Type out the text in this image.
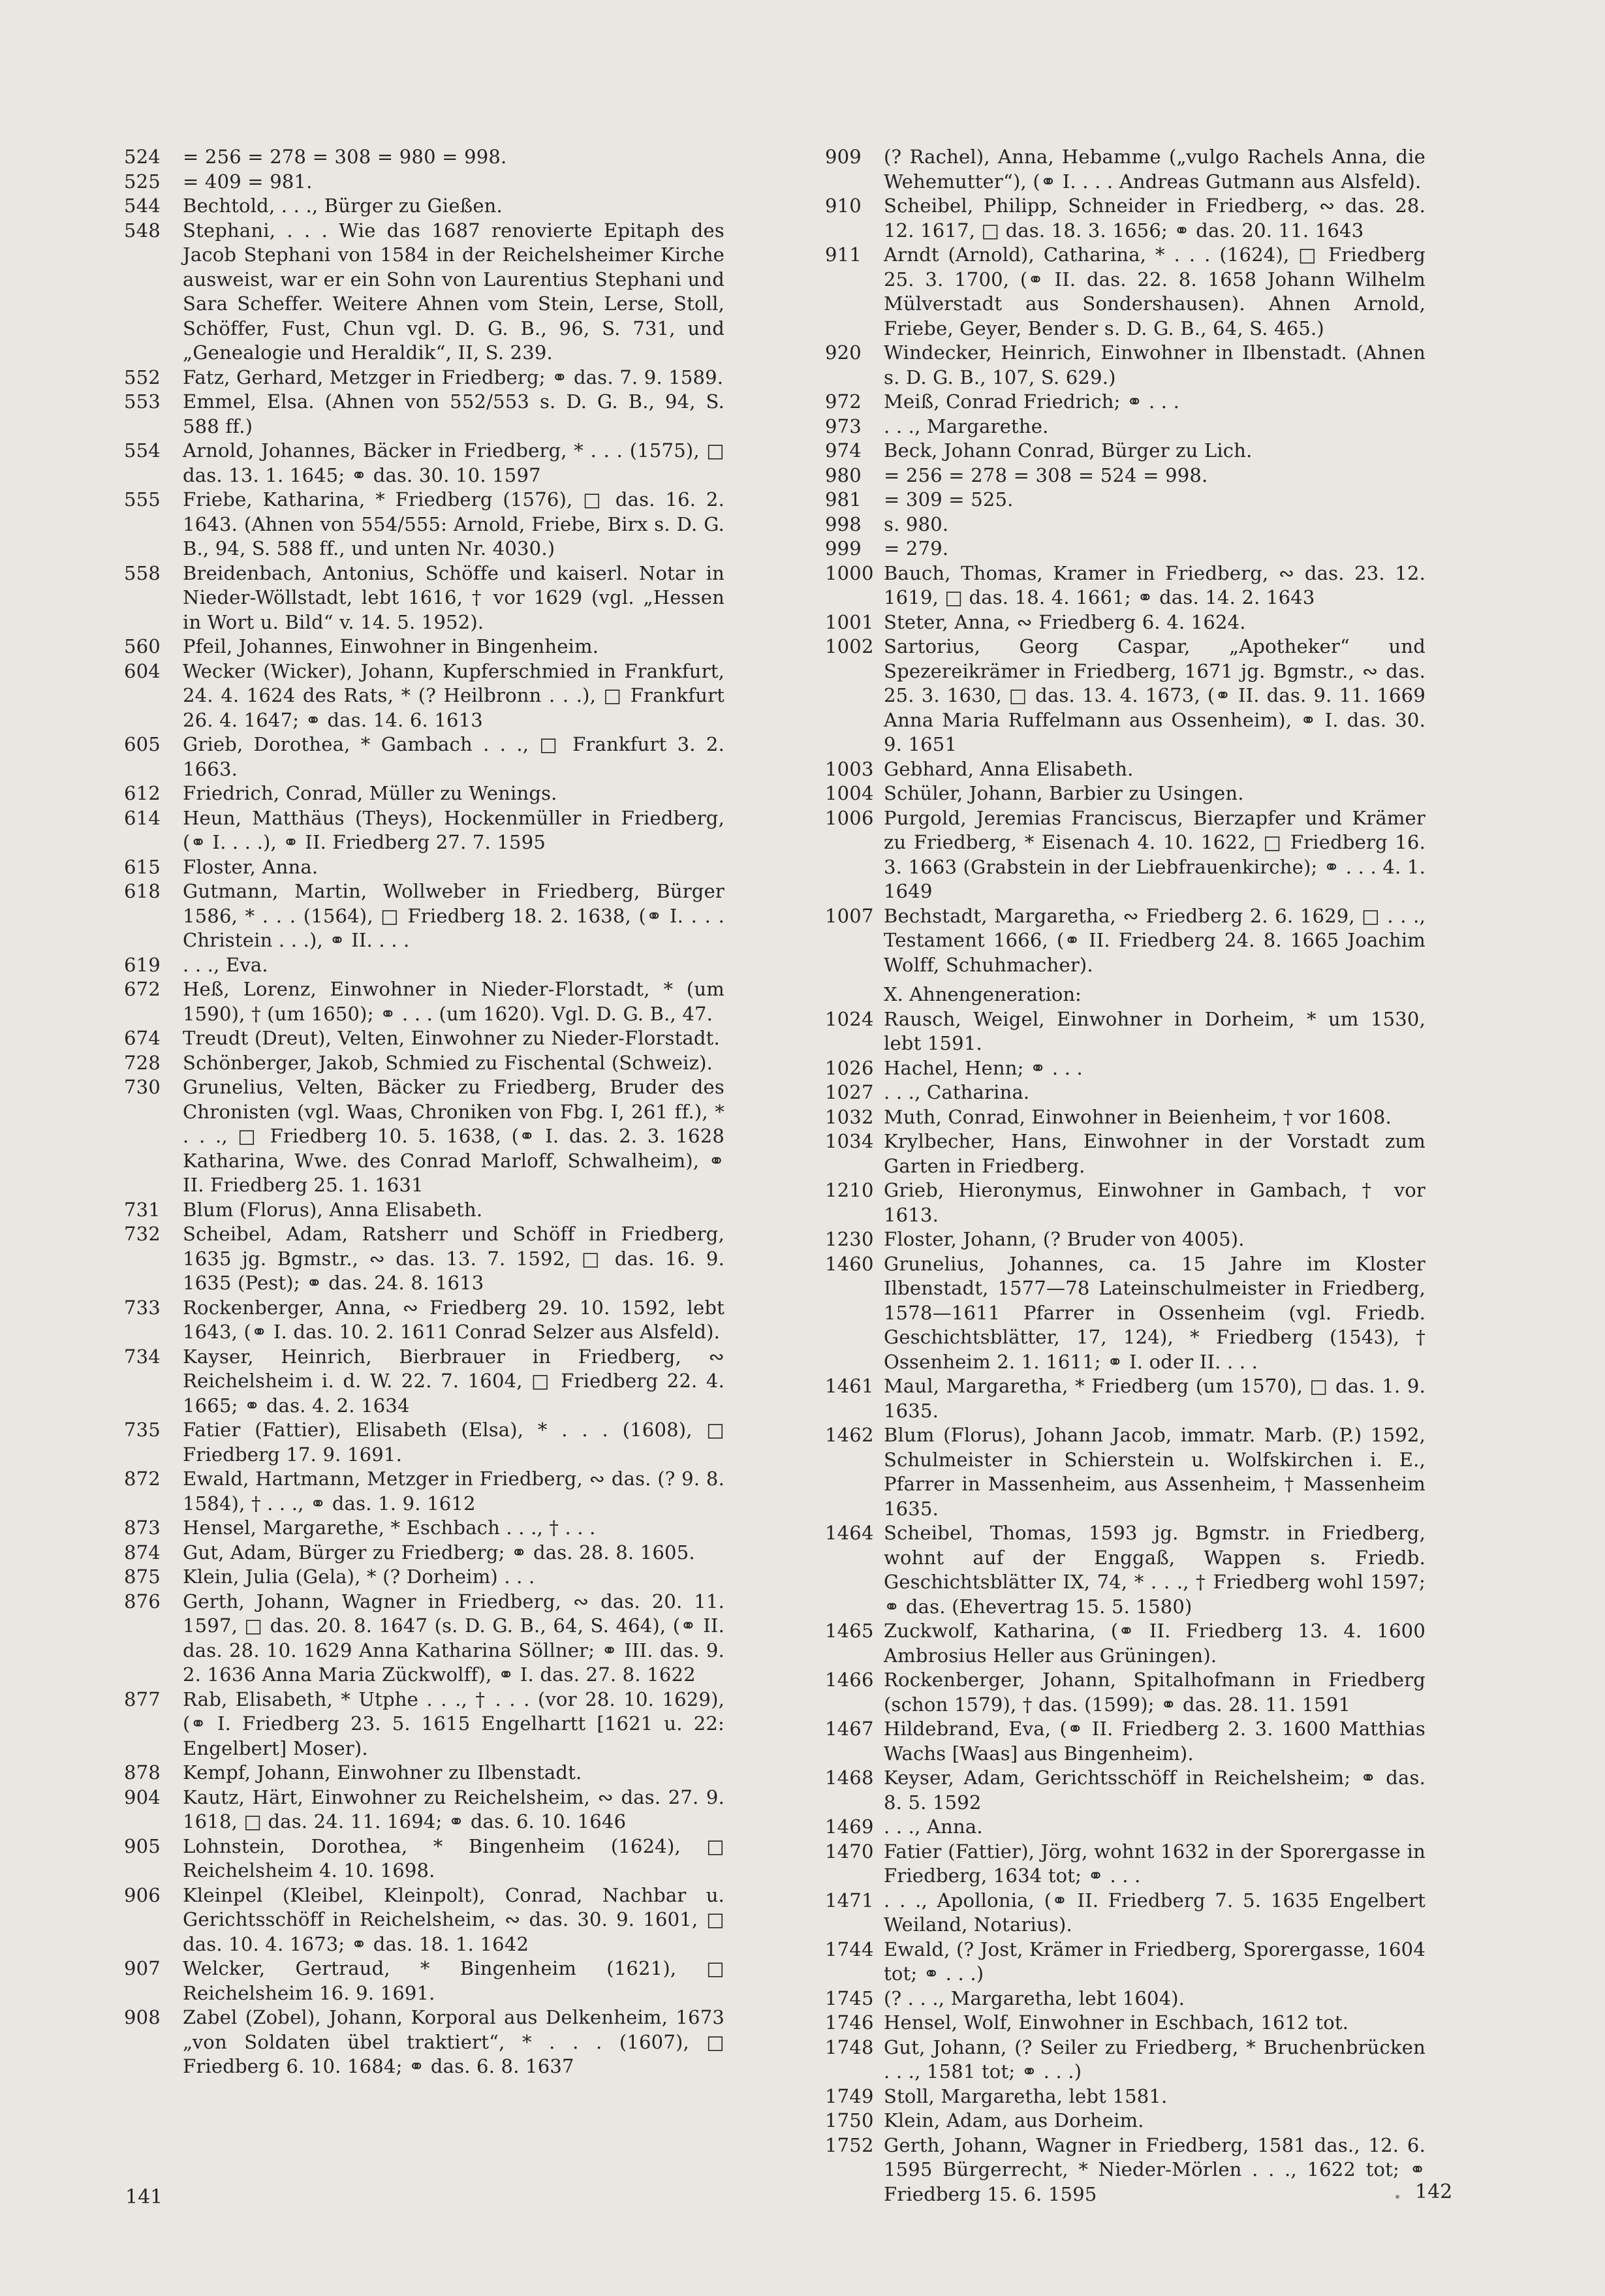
524	= 256 = 278 = 308 = 980 = 998.
525	= 409 = 981.
544	Bechtold, . . ., Bürger zu Gießen.
548	Stephani, . . . Wie das 1687 renovierte Epitaph des Jacob Stephani von 1584 in der Reichelsheimer Kirche ausweist, war er ein Sohn von Laurentius Stephani und Sara Scheffer. Weitere Ahnen vom Stein, Lerse, Stoll, Schöffer, Fust, Chun vgl. D. G. B., 96, S. 731, und „Genealogie und Heraldik“, II, S. 239.
552	Fatz, Gerhard, Metzger in Friedberg; ⚭ das. 7. 9. 1589.
553	Emmel, Elsa. (Ahnen von 552/553 s. D. G. B., 94, S. 588 ff.)
554	Arnold, Johannes, Bäcker in Friedberg, * . . . (1575), □ das. 13. 1. 1645; ⚭ das. 30. 10. 1597
555	Friebe, Katharina, * Friedberg (1576), □ das. 16. 2. 1643. (Ahnen von 554/555: Arnold, Friebe, Birx s. D. G. B., 94, S. 588 ff., und unten Nr. 4030.)
558	Breidenbach, Antonius, Schöffe und kaiserl. Notar in Nieder-Wöllstadt, lebt 1616, † vor 1629 (vgl. „Hessen in Wort u. Bild“ v. 14. 5. 1952).
560	Pfeil, Johannes, Einwohner in Bingenheim.
604	Wecker (Wicker), Johann, Kupferschmied in Frankfurt, 24. 4. 1624 des Rats, * (? Heilbronn . . .), □ Frankfurt 26. 4. 1647; ⚭ das. 14. 6. 1613
605	Grieb, Dorothea, * Gambach . . ., □ Frankfurt 3. 2. 1663.
612	Friedrich, Conrad, Müller zu Wenings.
614	Heun, Matthäus (Theys), Hockenmüller in Friedberg, (⚭ I. . . .), ⚭ II. Friedberg 27. 7. 1595
615	Floster, Anna.
618	Gutmann, Martin, Wollweber in Friedberg, Bürger 1586, * . . . (1564), □ Friedberg 18. 2. 1638, (⚭ I. . . . Christein . . .), ⚭ II. . . .
619	. . ., Eva.
672	Heß, Lorenz, Einwohner in Nieder-Florstadt, * (um 1590), † (um 1650); ⚭ . . . (um 1620). Vgl. D. G. B., 47.
674	Treudt (Dreut), Velten, Einwohner zu Nieder-Florstadt.
728	Schönberger, Jakob, Schmied zu Fischental (Schweiz).
730	Grunelius, Velten, Bäcker zu Friedberg, Bruder des Chronisten (vgl. Waas, Chroniken von Fbg. I, 261 ff.), * . . ., □ Friedberg 10. 5. 1638, (⚭ I. das. 2. 3. 1628 Katharina, Wwe. des Conrad Marloff, Schwalheim), ⚭ II. Friedberg 25. 1. 1631
731	Blum (Florus), Anna Elisabeth.
732	Scheibel, Adam, Ratsherr und Schöff in Friedberg, 1635 jg. Bgmstr., ∾ das. 13. 7. 1592, □ das. 16. 9. 1635 (Pest); ⚭ das. 24. 8. 1613
733	Rockenberger, Anna, ∾ Friedberg 29. 10. 1592, lebt 1643, (⚭ I. das. 10. 2. 1611 Conrad Selzer aus Alsfeld).
734	Kayser, Heinrich, Bierbrauer in Friedberg, ∾ Reichelsheim i. d. W. 22. 7. 1604, □ Friedberg 22. 4. 1665; ⚭ das. 4. 2. 1634
735	Fatier (Fattier), Elisabeth (Elsa), * . . . (1608), □ Friedberg 17. 9. 1691.
872	Ewald, Hartmann, Metzger in Friedberg, ∾ das. (? 9. 8. 1584), † . . ., ⚭ das. 1. 9. 1612
873	Hensel, Margarethe, * Eschbach . . ., † . . .
874	Gut, Adam, Bürger zu Friedberg; ⚭ das. 28. 8. 1605.
875	Klein, Julia (Gela), * (? Dorheim) . . .
876	Gerth, Johann, Wagner in Friedberg, ∾ das. 20. 11. 1597, □ das. 20. 8. 1647 (s. D. G. B., 64, S. 464), (⚭ II. das. 28. 10. 1629 Anna Katharina Söllner; ⚭ III. das. 9. 2. 1636 Anna Maria Zückwolff), ⚭ I. das. 27. 8. 1622
877	Rab, Elisabeth, * Utphe . . ., † . . . (vor 28. 10. 1629), (⚭ I. Friedberg 23. 5. 1615 Engelhartt [1621 u. 22: Engelbert] Moser).
878	Kempf, Johann, Einwohner zu Ilbenstadt.
904	Kautz, Härt, Einwohner zu Reichelsheim, ∾ das. 27. 9. 1618, □ das. 24. 11. 1694; ⚭ das. 6. 10. 1646
905	Lohnstein, Dorothea, * Bingenheim (1624), □ Reichelsheim 4. 10. 1698.
906	Kleinpel (Kleibel, Kleinpolt), Conrad, Nachbar u. Gerichtsschöff in Reichelsheim, ∾ das. 30. 9. 1601, □ das. 10. 4. 1673; ⚭ das. 18. 1. 1642
907	Welcker, Gertraud, * Bingenheim (1621), □ Reichelsheim 16. 9. 1691.
908	Zabel (Zobel), Johann, Korporal aus Delkenheim, 1673 „von Soldaten übel traktiert“, * . . . (1607), □ Friedberg 6. 10. 1684; ⚭ das. 6. 8. 1637
909	(? Rachel), Anna, Hebamme („vulgo Rachels Anna, die Wehemutter“), (⚭ I. . . . Andreas Gutmann aus Alsfeld).
910	Scheibel, Philipp, Schneider in Friedberg, ∾ das. 28. 12. 1617, □ das. 18. 3. 1656; ⚭ das. 20. 11. 1643
911	Arndt (Arnold), Catharina, * . . . (1624), □ Friedberg 25. 3. 1700, (⚭ II. das. 22. 8. 1658 Johann Wilhelm Mülverstadt aus Sondershausen). Ahnen Arnold, Friebe, Geyer, Bender s. D. G. B., 64, S. 465.)
920	Windecker, Heinrich, Einwohner in Ilbenstadt. (Ahnen s. D. G. B., 107, S. 629.)
972	Meiß, Conrad Friedrich; ⚭ . . .
973	. . ., Margarethe.
974	Beck, Johann Conrad, Bürger zu Lich.
980	= 256 = 278 = 308 = 524 = 998.
981	= 309 = 525.
998	s. 980.
999	= 279.
1000 Bauch, Thomas, Kramer in Friedberg, ∾ das. 23. 12. 1619, □ das. 18. 4. 1661; ⚭ das. 14. 2. 1643
1001 Steter, Anna, ∾ Friedberg 6. 4. 1624.
1002 Sartorius, Georg Caspar, „Apotheker“ und Spezereikrämer in Friedberg, 1671 jg. Bgmstr., ∾ das. 25. 3. 1630, □ das. 13. 4. 1673, (⚭ II. das. 9. 11. 1669 Anna Maria Ruffelmann aus Ossenheim), ⚭ I. das. 30. 9. 1651
1003 Gebhard, Anna Elisabeth.
1004 Schüler, Johann, Barbier zu Usingen.
1006 Purgold, Jeremias Franciscus, Bierzapfer und Krämer zu Friedberg, * Eisenach 4. 10. 1622, □ Friedberg 16. 3. 1663 (Grabstein in der Liebfrauenkirche); ⚭ . . . 4. 1. 1649
1007 Bechstadt, Margaretha, ∾ Friedberg 2. 6. 1629, □ . . ., Testament 1666, (⚭ II. Friedberg 24. 8. 1665 Joachim Wolff, Schuhmacher).
X. Ahnengeneration:
1024 Rausch, Weigel, Einwohner in Dorheim, * um 1530, lebt 1591.
1026 Hachel, Henn; ⚭ . . .
1027 . . ., Catharina.
1032 Muth, Conrad, Einwohner in Beienheim, † vor 1608.
1034 Krylbecher, Hans, Einwohner in der Vorstadt zum Garten in Friedberg.
1210 Grieb, Hieronymus, Einwohner in Gambach, † vor 1613.
1230 Floster, Johann, (? Bruder von 4005).
1460 Grunelius, Johannes, ca. 15 Jahre im Kloster Ilbenstadt, 1577—78 Lateinschulmeister in Friedberg, 1578—1611 Pfarrer in Ossenheim (vgl. Friedb. Geschichtsblätter, 17, 124), * Friedberg (1543), † Ossenheim 2. 1. 1611; ⚭ I. oder II. . . .
1461 Maul, Margaretha, * Friedberg (um 1570), □ das. 1. 9. 1635.
1462 Blum (Florus), Johann Jacob, immatr. Marb. (P.) 1592, Schulmeister in Schierstein u. Wolfskirchen i. E., Pfarrer in Massenheim, aus Assenheim, † Massenheim 1635.
1464 Scheibel, Thomas, 1593 jg. Bgmstr. in Friedberg, wohnt auf der Enggaß, Wappen s. Friedb. Geschichtsblätter IX, 74, * . . ., † Friedberg wohl 1597; ⚭ das. (Ehevertrag 15. 5. 1580)
1465 Zuckwolf, Katharina, (⚭ II. Friedberg 13. 4. 1600 Ambrosius Heller aus Grüningen).
1466 Rockenberger, Johann, Spitalhofmann in Friedberg (schon 1579), † das. (1599); ⚭ das. 28. 11. 1591
1467 Hildebrand, Eva, (⚭ II. Friedberg 2. 3. 1600 Matthias Wachs [Waas] aus Bingenheim).
1468 Keyser, Adam, Gerichtsschöff in Reichelsheim; ⚭ das. 8. 5. 1592
1469 . . ., Anna.
1470 Fatier (Fattier), Jörg, wohnt 1632 in der Sporergasse in Friedberg, 1634 tot; ⚭ . . .
1471 . . ., Apollonia, (⚭ II. Friedberg 7. 5. 1635 Engelbert Weiland, Notarius).
1744 Ewald, (? Jost, Krämer in Friedberg, Sporergasse, 1604 tot; ⚭ . . .)
1745 (? . . ., Margaretha, lebt 1604).
1746 Hensel, Wolf, Einwohner in Eschbach, 1612 tot.
1748 Gut, Johann, (? Seiler zu Friedberg, * Bruchenbrücken . . ., 1581 tot; ⚭ . . .)
1749 Stoll, Margaretha, lebt 1581.
1750 Klein, Adam, aus Dorheim.
1752 Gerth, Johann, Wagner in Friedberg, 1581 das., 12. 6. 1595 Bürgerrecht, * Nieder-Mörlen . . ., 1622 tot; ⚭ Friedberg 15. 6. 1595
141	142
